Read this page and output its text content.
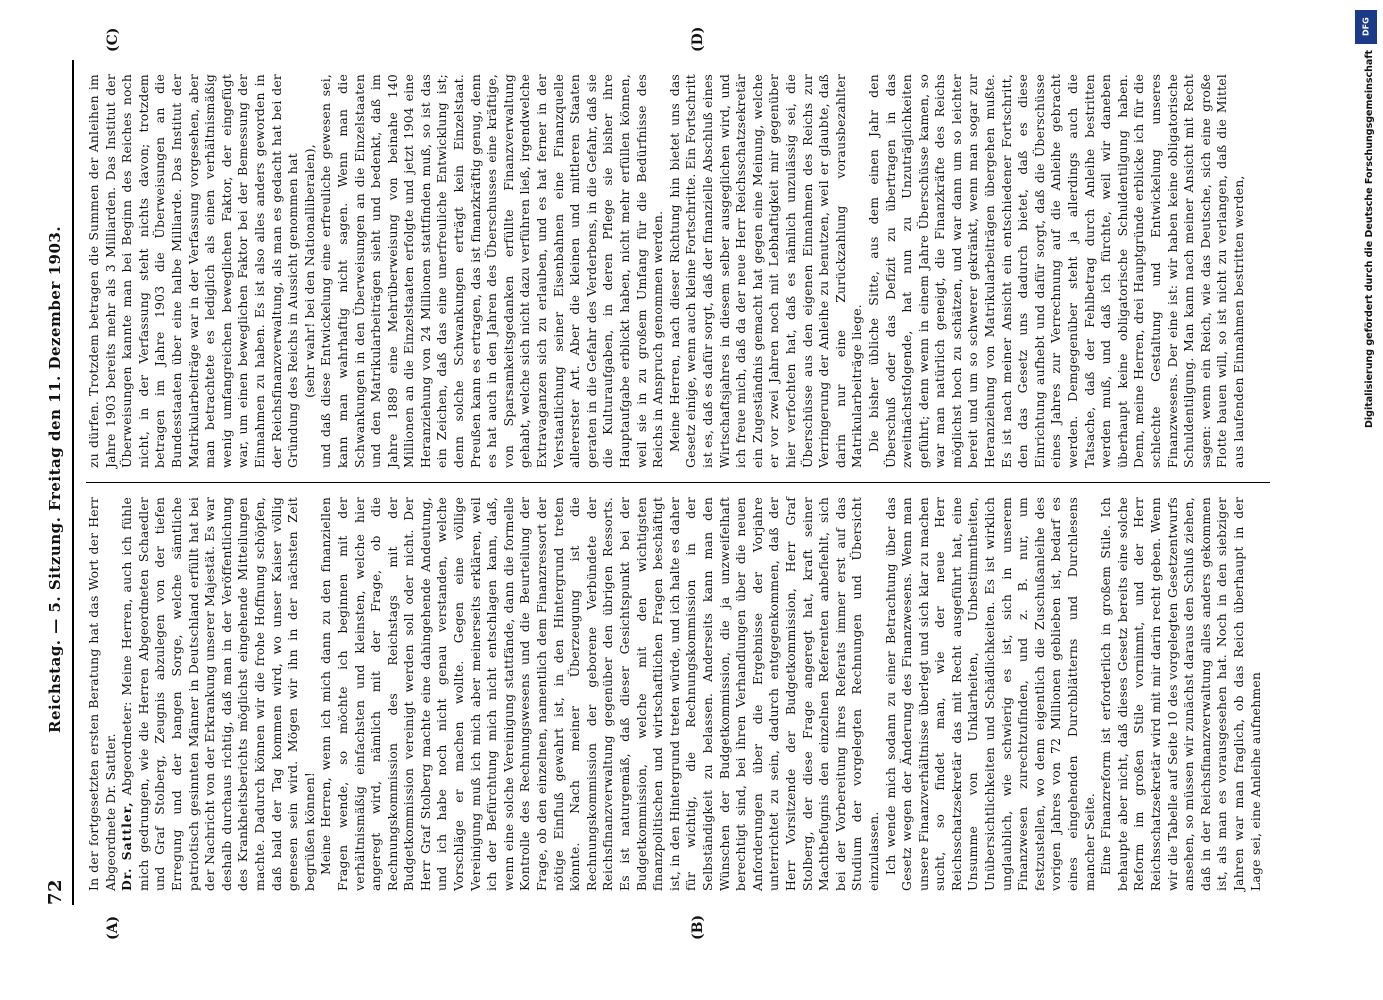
72
Reichstag. — 5. Sitzung. Freitag den 11. Dezember 1903.
(A)	(B)
(C)	(D)

In der fortgesetzten ersten Beratung hat das Wort der Herr Abgeordnete Dr. Sattler. Dr. Sattler, Abgeordneter: Meine Herren, auch ich fühle mich gedrungen, wie die Herren Abgeordneten Schaedler und Graf Stolberg, Zeugnis abzulegen von der tiefen Erregung und der bangen Sorge, welche sämtliche patriotisch gesinnten Männer in Deutschland erfüllt hat bei der Nachricht von der Erkrankung unserer Majestät. Es war deshalb durchaus richtig, daß man in der Veröffentlichung des Krankheitsberichts möglichst eingehende Mitteilungen machte. Dadurch können wir die frohe Hoffnung schöpfen, daß bald der Tag kommen wird, wo unser Kaiser völlig genesen sein wird. Mögen wir ihn in der nächsten Zeit begrüßen können! Meine Herren, wenn ich mich dann zu den finanziellen Fragen wende, so möchte ich beginnen mit der verhältnismäßig einfachsten und kleinsten, welche hier angeregt wird, nämlich mit der Frage, ob die Rechnungskommission des Reichstags mit der Budgetkommission vereinigt werden soll oder nicht. Der Herr Graf Stolberg machte eine dahingehende Andeutung, und ich habe noch nicht genau verstanden, welche Vorschläge er machen wollte. Gegen eine völlige Vereinigung muß ich mich aber meinerseits erklären, weil ich der Befürchtung mich nicht entschlagen kann, daß, wenn eine solche Vereinigung stattfände, dann die formelle Kontrolle des Rechnungswesens und die Beurteilung der Frage, ob den einzelnen, namentlich dem Finanzressort der nötige Einfluß gewahrt ist, in den Hintergrund treten könnte. Nach meiner Überzeugung ist die Rechnungskommission der geborene Verbündete der Reichsfinanzverwaltung gegenüber den übrigen Ressorts. Es ist naturgemäß, daß dieser Gesichtspunkt bei der Budgetkommission, welche mit den wichtigsten finanzpolitischen und wirtschaftlichen Fragen beschäftigt ist, in den Hintergrund treten würde, und ich halte es daher für wichtig, die Rechnungskommission in der Selbständigkeit zu belassen. Anderseits kann man den Wünschen der Budgetkommission, die ja unzweifelhaft berechtigt sind, bei ihren Verhandlungen über die neuen Anforderungen über die Ergebnisse der Vorjahre unterrichtet zu sein, dadurch entgegenkommen, daß der Herr Vorsitzende der Budgetkommission, Herr Graf Stolberg, der diese Frage angeregt hat, kraft seiner Machtbefugnis den einzelnen Referenten anbefiehlt, sich bei der Vorbereitung ihres Referats immer erst auf das Studium der vorgelegten Rechnungen und Übersicht einzulassen. Ich wende mich sodann zu einer Betrachtung über das Gesetz wegen der Änderung des Finanzwesens. Wenn man unsere Finanzverhältnisse überlegt und sich klar zu machen sucht, so findet man, wie der neue Herr Reichsschatzsekretär das mit Recht ausgeführt hat, eine Unsumme von Unklarheiten, Unbestimmtheiten, Unübersichtlichkeiten und Schädlichkeiten. Es ist wirklich unglaublich, wie schwierig es ist, sich in unserem Finanzwesen zurechtzufinden, und z. B. nur, um festzustellen, wo denn eigentlich die Zuschußanleihe des vorigen Jahres von 72 Millionen geblieben ist, bedarf es eines eingehenden Durchblätterns und Durchlesens mancher Seite. Eine Finanzreform ist erforderlich in großem Stile. Ich behaupte aber nicht, daß dieses Gesetz bereits eine solche Reform im großen Stile vornimmt, und der Herr Reichsschatzsekretär wird mit mir darin recht geben. Wenn wir die Tabelle auf Seite 10 des vorgelegten Gesetzentwurfs ansehen, so müssen wir zunächst daraus den Schluß ziehen, daß in der Reichsfinanzverwaltung alles anders gekommen ist, als man es vorausgesehen hat. Noch in den siebziger Jahren war man fraglich, ob das Reich überhaupt in der Lage sei, eine Anleihe aufnehmen

zu dürfen. Trotzdem betragen die Summen der Anleihen im Jahre 1903 bereits mehr als 3 Milliarden. Das Institut der Überweisungen kannte man bei Beginn des Reiches noch nicht, in der Verfassung steht nichts davon; trotzdem betragen im Jahre 1903 die Überweisungen an die Bundesstaaten über eine halbe Milliarde. Das Institut der Matrikularbeiträge war in der Verfassung vorgesehen, aber man betrachtete es lediglich als einen verhältnismäßig wenig umfangreichen beweglichen Faktor, der eingefügt war, um einen beweglichen Faktor bei der Bemessung der Einnahmen zu haben. Es ist also alles anders geworden in der Reichsfinanzverwaltung, als man es gedacht hat bei der Gründung des Reichs in Aussicht genommen hat (sehr wahr! bei den Nationalliberalen), und daß diese Entwickelung eine erfreuliche gewesen sei, kann man wahrhaftig nicht sagen. Wenn man die Schwankungen in den Überweisungen an die Einzelstaaten und den Matrikularbeiträgen sieht und bedenkt, daß im Jahre 1889 eine Mehrüberweisung von beinahe 140 Millionen an die Einzelstaaten erfolgte und jetzt 1904 eine Heranziehung von 24 Millionen stattfinden muß, so ist das ein Zeichen, daß das eine unerfreuliche Entwicklung ist; denn solche Schwankungen erträgt kein Einzelstaat. Preußen kann es ertragen, das ist finanzkräftig genug, denn es hat auch in den Jahren des Überschusses eine kräftige, von Sparsamkeitsgedanken erfüllte Finanzverwaltung gehabt, welche sich nicht dazu verführen ließ, irgendwelche Extravaganzen sich zu erlauben, und es hat ferner in der Verstaatlichung seiner Eisenbahnen eine Finanzquelle allererster Art. Aber die kleinen und mittleren Staaten geraten in die Gefahr des Verderbens, in die Gefahr, daß sie die Kulturaufgaben, in deren Pflege sie bisher ihre Hauptaufgabe erblickt haben, nicht mehr erfüllen können, weil sie in zu großem Umfang für die Bedürfnisse des Reichs in Anspruch genommen werden. Meine Herren, nach dieser Richtung hin bietet uns das Gesetz einige, wenn auch kleine Fortschritte. Ein Fortschritt ist es, daß es dafür sorgt, daß der finanzielle Abschluß eines Wirtschaftsjahres in diesem selber ausgeglichen wird, und ich freue mich, daß da der neue Herr Reichsschatzsekretär ein Zugeständnis gemacht hat gegen eine Meinung, welche er vor zwei Jahren noch mit Lebhaftigkeit mir gegenüber hier verfochten hat, daß es nämlich unzulässig sei, die Überschüsse aus den eigenen Einnahmen des Reichs zur Verringerung der Anleihe zu benutzen, weil er glaubte, daß darin nur eine Zurückzahlung vorausbezahlter Matrikularbeiträge liege. Die bisher übliche Sitte, aus dem einen Jahr den Überschuß oder das Defizit zu übertragen in das zweitnächstfolgende, hat nun zu Unzuträglichkeiten geführt; denn wenn in einem Jahre Überschüsse kamen, so war man natürlich geneigt, die Finanzkräfte des Reichs möglichst hoch zu schätzen, und war dann um so leichter bereit und um so schwerer gekränkt, wenn man sogar zur Heranziehung von Matrikularbeiträgen übergehen mußte. Es ist nach meiner Ansicht ein entschiedener Fortschritt, den das Gesetz uns dadurch bietet, daß es diese Einrichtung aufhebt und dafür sorgt, daß die Überschüsse eines Jahres zur Verrechnung auf die Anleihe gebracht werden. Demgegenüber steht ja allerdings auch die Tatsache, daß der Fehlbetrag durch Anleihe bestritten werden muß, und daß ich fürchte, weil wir daneben überhaupt keine obligatorische Schuldentilgung haben. Denn, meine Herren, drei Hauptgründe erblicke ich für die schlechte Gestaltung und Entwickelung unseres Finanzwesens. Der eine ist: wir haben keine obligatorische Schuldentilgung. Man kann nach meiner Ansicht mit Recht sagen: wenn ein Reich, wie das Deutsche, sich eine große Flotte bauen will, so ist nicht zu verlangen, daß die Mittel aus laufenden Einnahmen bestritten werden,

DFG
Digitalisierung gefördert durch die Deutsche Forschungsgemeinschaft
